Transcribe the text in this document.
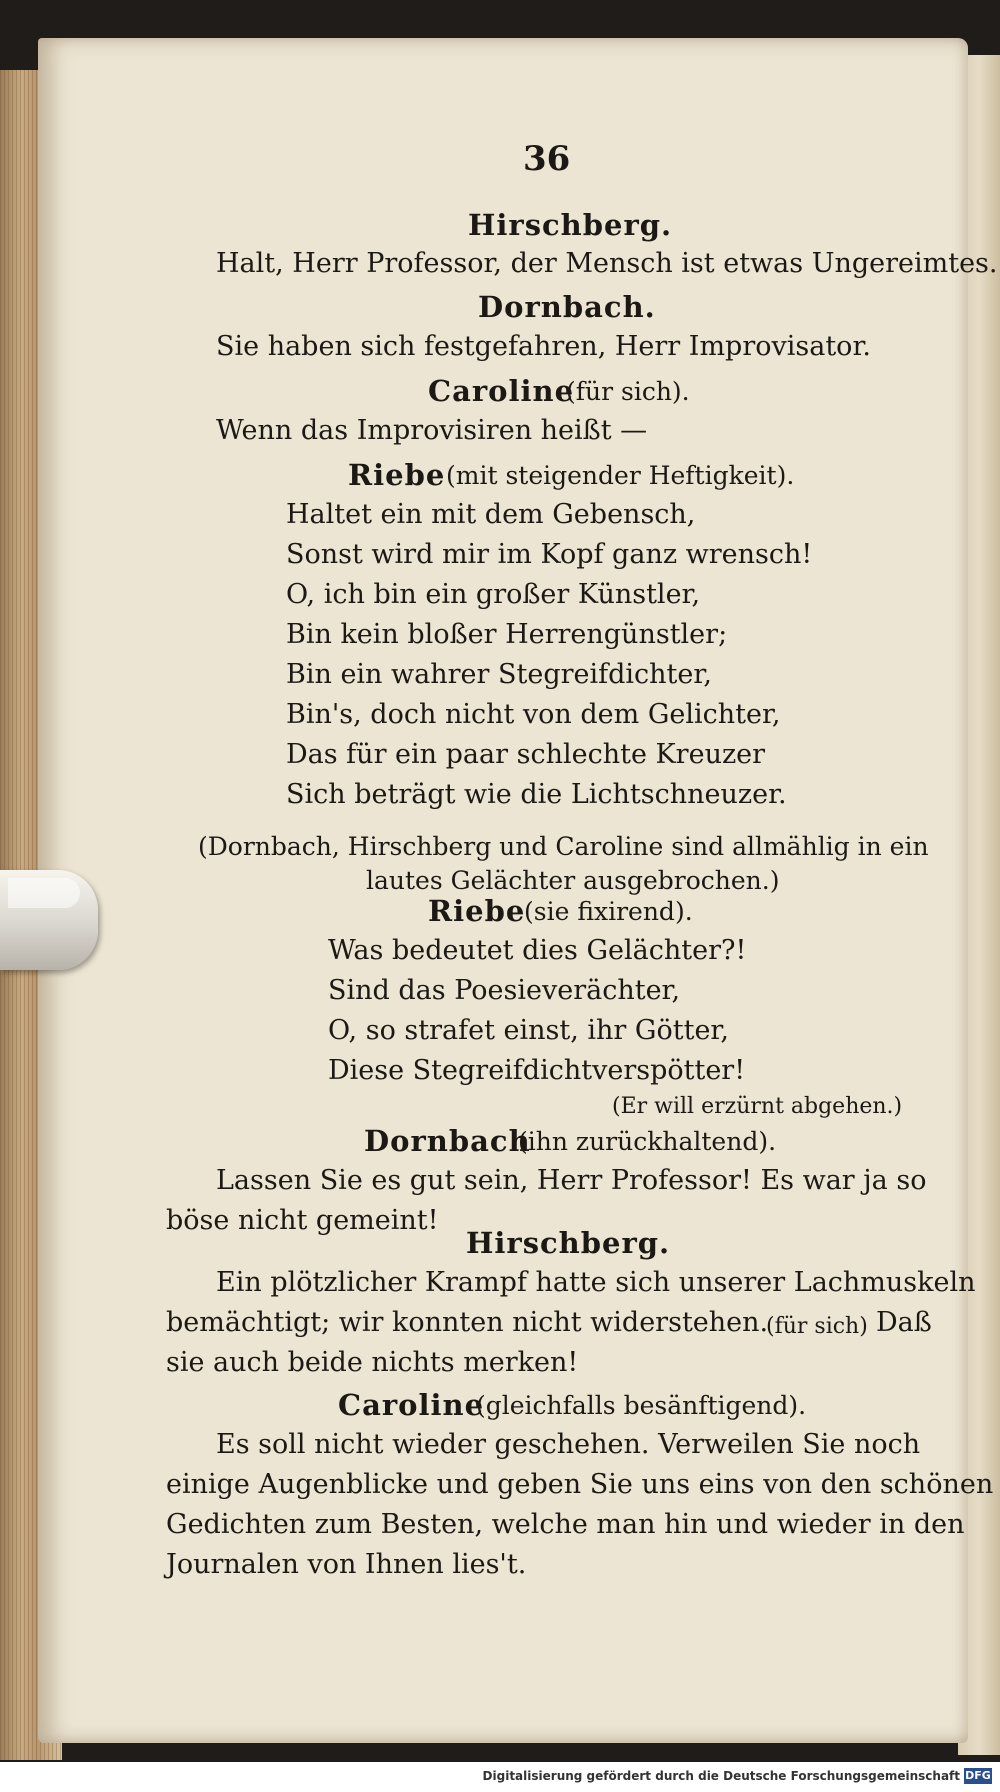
36
Hirschberg.
Halt, Herr Professor, der Mensch ist etwas Ungereimtes.
Dornbach.
Sie haben sich festgefahren, Herr Improvisator.
Caroline
(für sich).
Wenn das Improvisiren heißt —
Riebe (mit steigender Heftigkeit).
Haltet ein mit dem Gebensch,
Sonst wird mir im Kopf ganz wrensch!
O, ich bin ein großer Künstler,
Bin kein bloßer Herrengünstler;
Bin ein wahrer Stegreifdichter,
Bin's, doch nicht von dem Gelichter,
Das für ein paar schlechte Kreuzer
Sich beträgt wie die Lichtschneuzer.
(Dornbach, Hirschberg und Caroline sind allmählig in ein
lautes Gelächter ausgebrochen.)
Riebe
(sie fixirend).
Was bedeutet dies Gelächter?!
Sind das Poesieverächter,
O, so strafet einst, ihr Götter,
Diese Stegreifdichtverspötter!
(Er will erzürnt abgehen.)
Dornbach
(ihn zurückhaltend).
Lassen Sie es gut sein, Herr Professor! Es war ja so
böse nicht gemeint!
Hirschberg.
Ein plötzlicher Krampf hatte sich unserer Lachmuskeln
bemächtigt; wir konnten nicht widerstehen.
(für sich) Daß
sie auch beide nichts merken!
Caroline
(gleichfalls besänftigend).
Es soll nicht wieder geschehen. Verweilen Sie noch
einige Augenblicke und geben Sie uns eins von den schönen
Gedichten zum Besten, welche man hin und wieder in den
Journalen von Ihnen lies't.
Digitalisierung gefördert durch die Deutsche Forschungsgemeinschaft DFG
